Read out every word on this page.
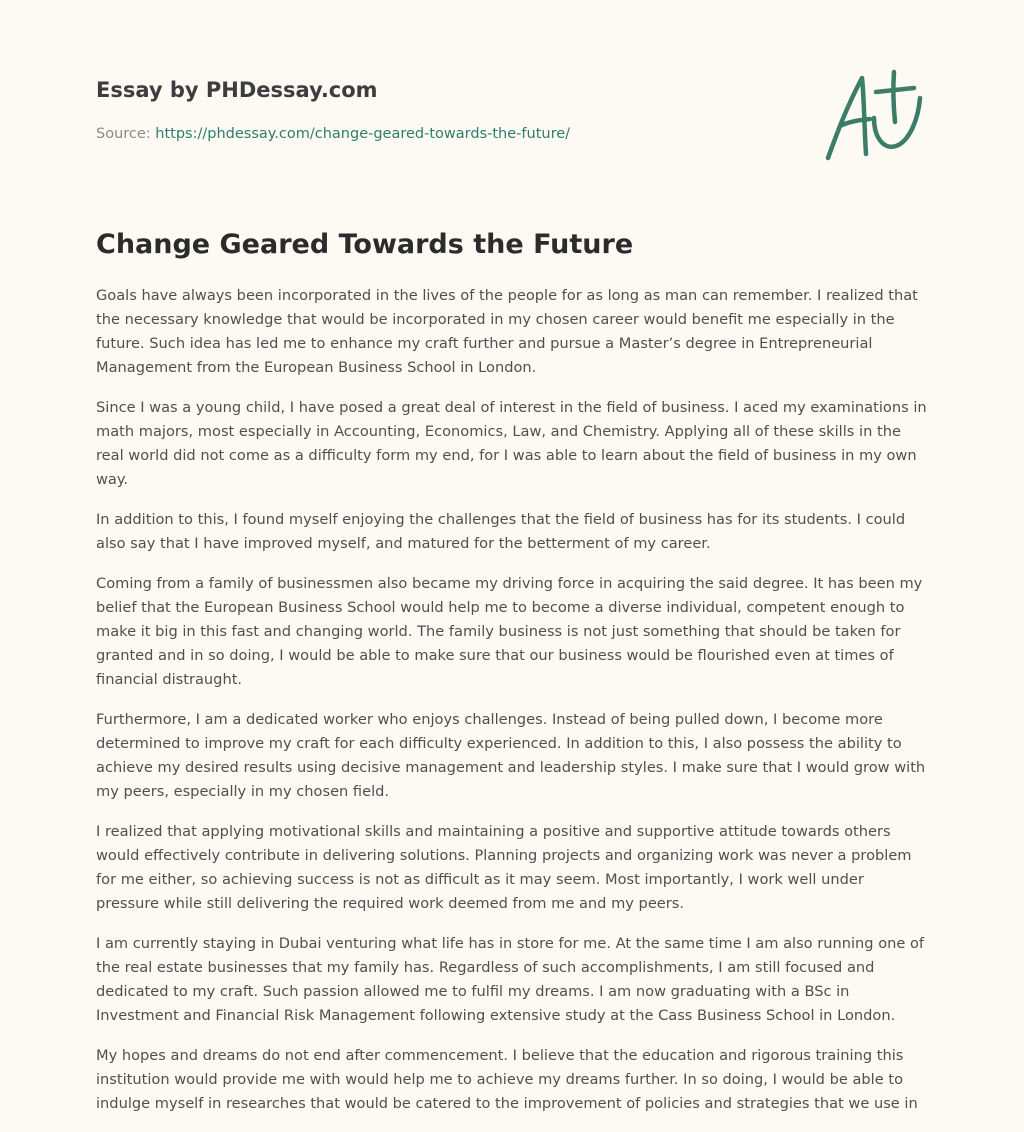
Essay by PHDessay.com
Source: https://phdessay.com/change-geared-towards-the-future/
Change Geared Towards the Future

Goals have always been incorporated in the lives of the people for as long as man can remember. I realized that the necessary knowledge that would be incorporated in my chosen career would benefit me especially in the future. Such idea has led me to enhance my craft further and pursue a Master’s degree in Entrepreneurial Management from the European Business School in London.

Since I was a young child, I have posed a great deal of interest in the field of business. I aced my examinations in math majors, most especially in Accounting, Economics, Law, and Chemistry. Applying all of these skills in the real world did not come as a difficulty form my end, for I was able to learn about the field of business in my own way.

In addition to this, I found myself enjoying the challenges that the field of business has for its students. I could also say that I have improved myself, and matured for the betterment of my career.

Coming from a family of businessmen also became my driving force in acquiring the said degree. It has been my belief that the European Business School would help me to become a diverse individual, competent enough to make it big in this fast and changing world. The family business is not just something that should be taken for granted and in so doing, I would be able to make sure that our business would be flourished even at times of financial distraught.

Furthermore, I am a dedicated worker who enjoys challenges. Instead of being pulled down, I become more determined to improve my craft for each difficulty experienced. In addition to this, I also possess the ability to achieve my desired results using decisive management and leadership styles. I make sure that I would grow with my peers, especially in my chosen field.

I realized that applying motivational skills and maintaining a positive and supportive attitude towards others would effectively contribute in delivering solutions. Planning projects and organizing work was never a problem for me either, so achieving success is not as difficult as it may seem. Most importantly, I work well under pressure while still delivering the required work deemed from me and my peers.

I am currently staying in Dubai venturing what life has in store for me. At the same time I am also running one of the real estate businesses that my family has. Regardless of such accomplishments, I am still focused and dedicated to my craft. Such passion allowed me to fulfil my dreams. I am now graduating with a BSc in Investment and Financial Risk Management following extensive study at the Cass Business School in London.

My hopes and dreams do not end after commencement. I believe that the education and rigorous training this institution would provide me with would help me to achieve my dreams further. In so doing, I would be able to indulge myself in researches that would be catered to the improvement of policies and strategies that we use in
